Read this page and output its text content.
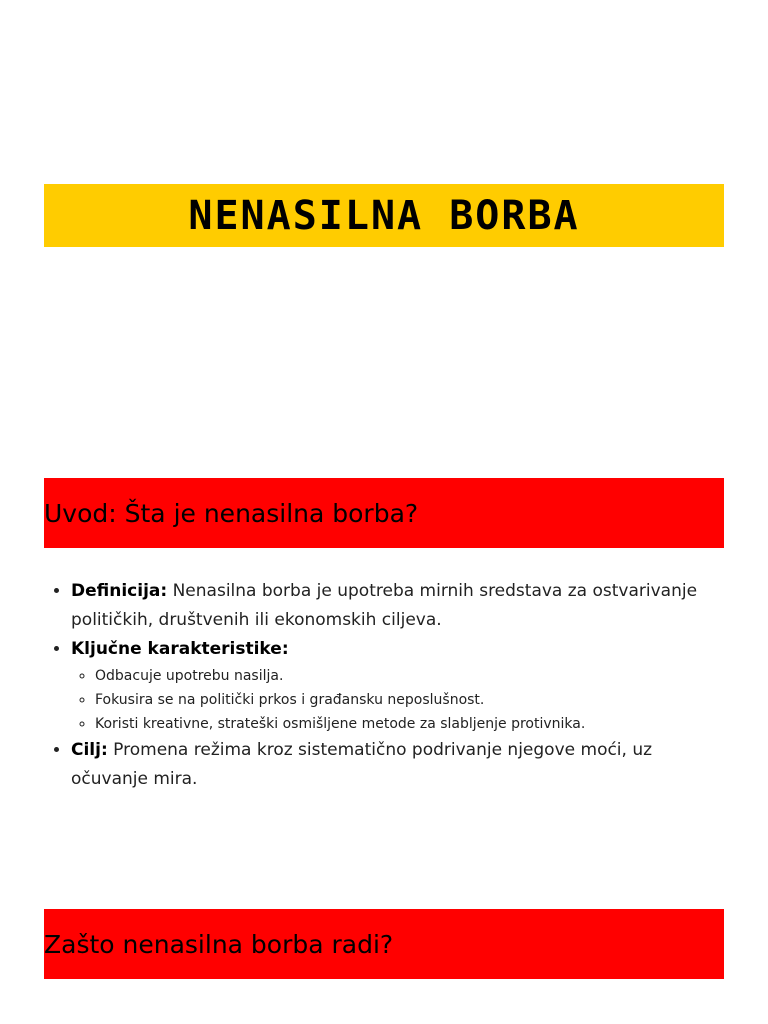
NENASILNA BORBA
Uvod: Šta je nenasilna borba?
• Definicija: Nenasilna borba je upotreba mirnih sredstava za ostvarivanje političkih, društvenih ili ekonomskih ciljeva.
• Ključne karakteristike:
◦ Odbacuje upotrebu nasilja.
◦ Fokusira se na politički prkos i građansku neposlušnost.
◦ Koristi kreativne, strateški osmišljene metode za slabljenje protivnika.
• Cilj: Promena režima kroz sistematično podrivanje njegove moći, uz očuvanje mira.
Zašto nenasilna borba radi?
